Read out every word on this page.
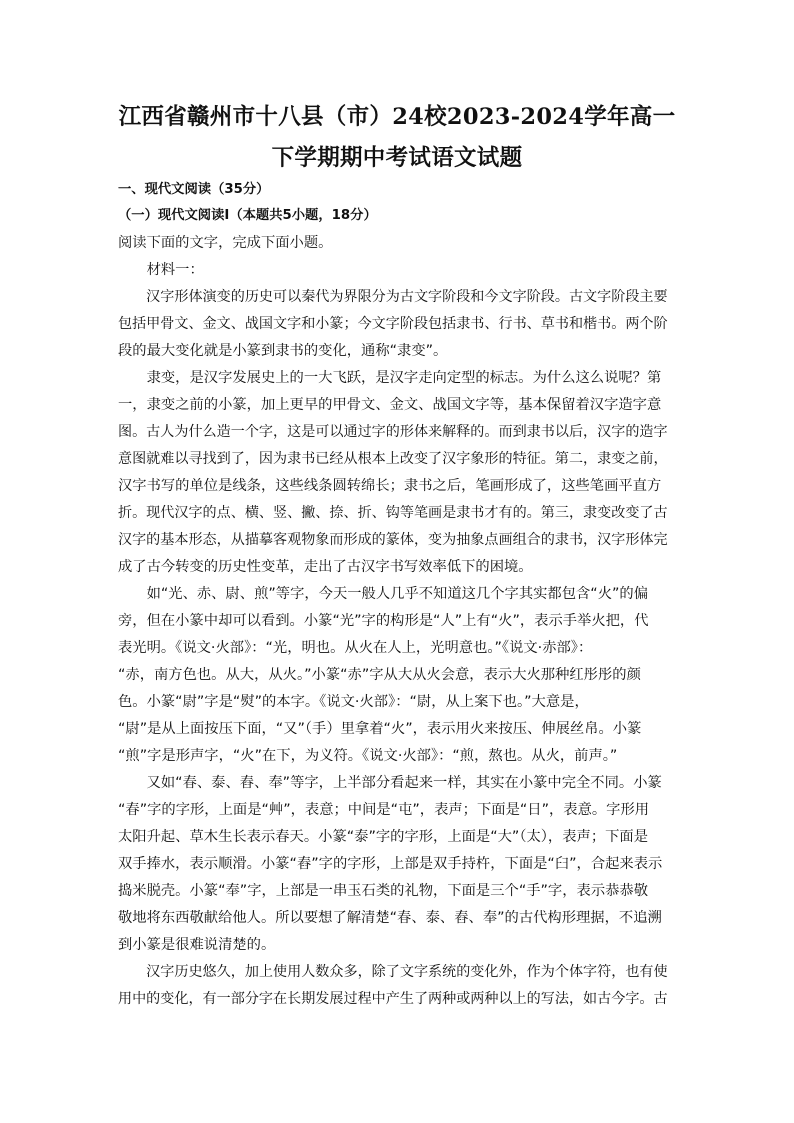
江西省赣州市十八县（市）24校2023-2024学年高一
下学期期中考试语文试题
一、现代文阅读（35分）
（一）现代文阅读Ⅰ（本题共5小题，18分）
阅读下面的文字，完成下面小题。
　　材料一：
　　汉字形体演变的历史可以秦代为界限分为古文字阶段和今文字阶段。古文字阶段主要
包括甲骨文、金文、战国文字和小篆；今文字阶段包括隶书、行书、草书和楷书。两个阶
段的最大变化就是小篆到隶书的变化，通称“隶变”。
　　隶变，是汉字发展史上的一大飞跃，是汉字走向定型的标志。为什么这么说呢？第
一，隶变之前的小篆，加上更早的甲骨文、金文、战国文字等，基本保留着汉字造字意
图。古人为什么造一个字，这是可以通过字的形体来解释的。而到隶书以后，汉字的造字
意图就难以寻找到了，因为隶书已经从根本上改变了汉字象形的特征。第二，隶变之前，
汉字书写的单位是线条，这些线条圆转绵长；隶书之后，笔画形成了，这些笔画平直方
折。现代汉字的点、横、竖、撇、捺、折、钩等笔画是隶书才有的。第三，隶变改变了古
汉字的基本形态，从描摹客观物象而形成的篆体，变为抽象点画组合的隶书，汉字形体完
成了古今转变的历史性变革，走出了古汉字书写效率低下的困境。
　　如“光、赤、尉、煎”等字，今天一般人几乎不知道这几个字其实都包含“火”的偏
旁，但在小篆中却可以看到。小篆“光”字的构形是“人”上有“火”，表示手举火把，代
表光明。《说文·火部》：“光，明也。从火在人上，光明意也。”《说文·赤部》：
“赤，南方色也。从大，从火。”小篆“赤”字从大从火会意，表示大火那种红彤彤的颜
色。小篆“尉”字是“熨”的本字。《说文·火部》：“尉，从上案下也。”大意是，
“尉”是从上面按压下面，“又”（手）里拿着“火”，表示用火来按压、伸展丝帛。小篆
“煎”字是形声字，“火”在下，为义符。《说文·火部》：“煎，熬也。从火，前声。”
　　又如“春、泰、舂、奉”等字，上半部分看起来一样，其实在小篆中完全不同。小篆
“春”字的字形，上面是“艸”，表意；中间是“屯”，表声；下面是“日”，表意。字形用
太阳升起、草木生长表示春天。小篆“泰”字的字形，上面是“大”（太），表声；下面是
双手捧水，表示顺滑。小篆“舂”字的字形，上部是双手持杵，下面是“臼”，合起来表示
捣米脱壳。小篆“奉”字，上部是一串玉石类的礼物，下面是三个“手”字，表示恭恭敬
敬地将东西敬献给他人。所以要想了解清楚“春、泰、舂、奉”的古代构形理据，不追溯
到小篆是很难说清楚的。
　　汉字历史悠久，加上使用人数众多，除了文字系统的变化外，作为个体字符，也有使
用中的变化，有一部分字在长期发展过程中产生了两种或两种以上的写法，如古今字。古
